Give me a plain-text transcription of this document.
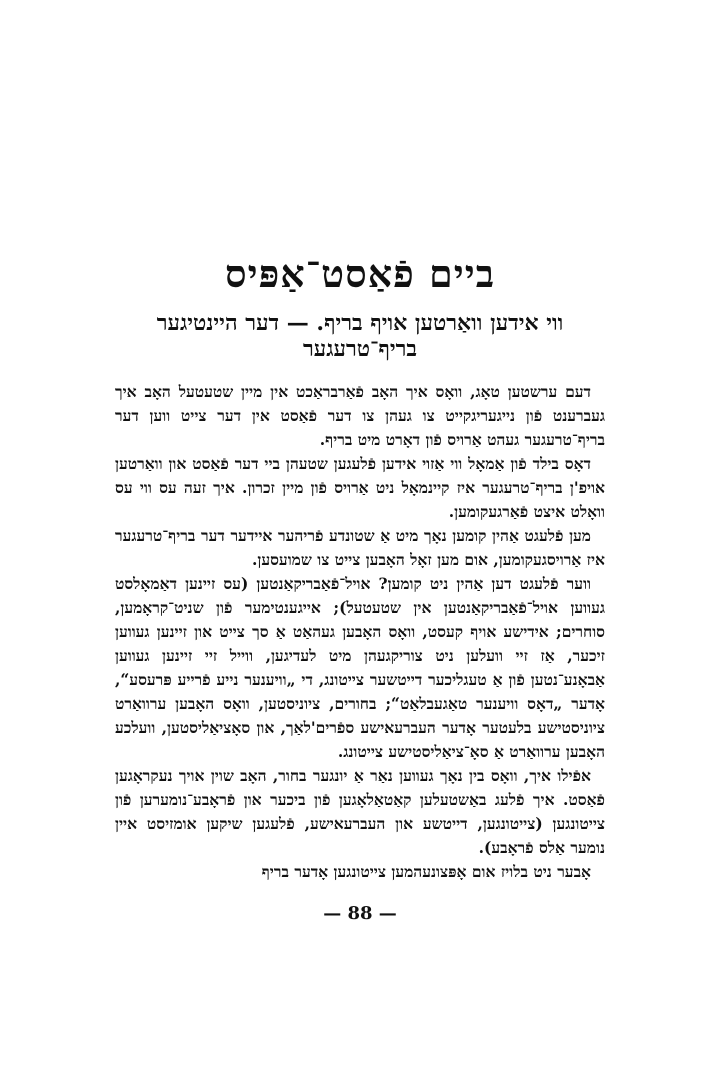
ביים פֿאַסט־אַפּיס
ווי אידען וואַרטען אויף בריף. — דער היינטיגער
בריף־טרעגער

דעם ערשטען טאָג, וואָס איך האָב פֿאַרבראַכט אין מיין שטעטעל האָב איך געברענט פֿון נייגעריגקייט צו געהן צו דער פֿאַסט אין דער צייט ווען דער בריף־טרעגער געהט אַרויס פֿון דאָרט מיט בריף.

דאָס בילד פֿון אַמאָל ווי אַזוי אידען פֿלעגען שטעהן ביי דער פֿאַסט און וואַרטען אויפ'ן בריף־טרעגער איז קיינמאָל ניט אַרויס פֿון מיין זכרון. איך זעה עס ווי עס וואָלט איצט פֿאַרגעקומען.

מען פֿלעגט אַהין קומען נאָך מיט אַ שטונדע פֿריהער איידער דער בריף־טרעגער איז אַרויסגעקומען, אום מען זאָל האָבען צייט צו שמועסען.

ווער פֿלעגט דען אַהין ניט קומען? אויל־פֿאַבריקאַנטען (עס זיינען דאַמאָלסט געווען אויל־פֿאַבריקאַנטען אין שטעטעל); אייגענטימער פֿון שניט־קראָמען, סוחרים; אידישע אויף קעסט, וואָס האָבען געהאַט אַ סך צייט און זיינען געווען זיכער, אַז זיי וועלען ניט צוריקגעהן מיט לעדיגען, ווייל זיי זיינען געווען אַבאָנע־נטען פֿון אַ טעגליכער דייטשער צייטונג, די „וויענער נייע פֿרייע פּרעסע“, אָדער „דאָס וויענער טאַגעבלאַט“; בחורים, ציוניסטען, וואָס האָבען ערוואַרט ציוניסטישע בלעטער אָדער העברעאישע ספֿרים'לאַך, און סאָציאַליסטען, וועלכע האָבען ערוואַרט אַ סאָ־ציאַליסטישע צייטונג.

אפֿילו איך, וואָס בין נאָך געווען נאַר אַ יונגער בחור, האָב שוין אויך נעקראָגען פֿאַסט. איך פֿלעג באַשטעלען קאַטאַלאָגען פֿון ביכער און פֿראָבע־נומערען פֿון צייטונגען (צייטונגען, דייטשע און העברעאישע, פֿלעגען שיקען אומזיסט איין נומער אַלס פֿראָבע).

אָבער ניט בלויז אום אָפּצונעהמען צייטונגען אָדער בריף

— 88 —
